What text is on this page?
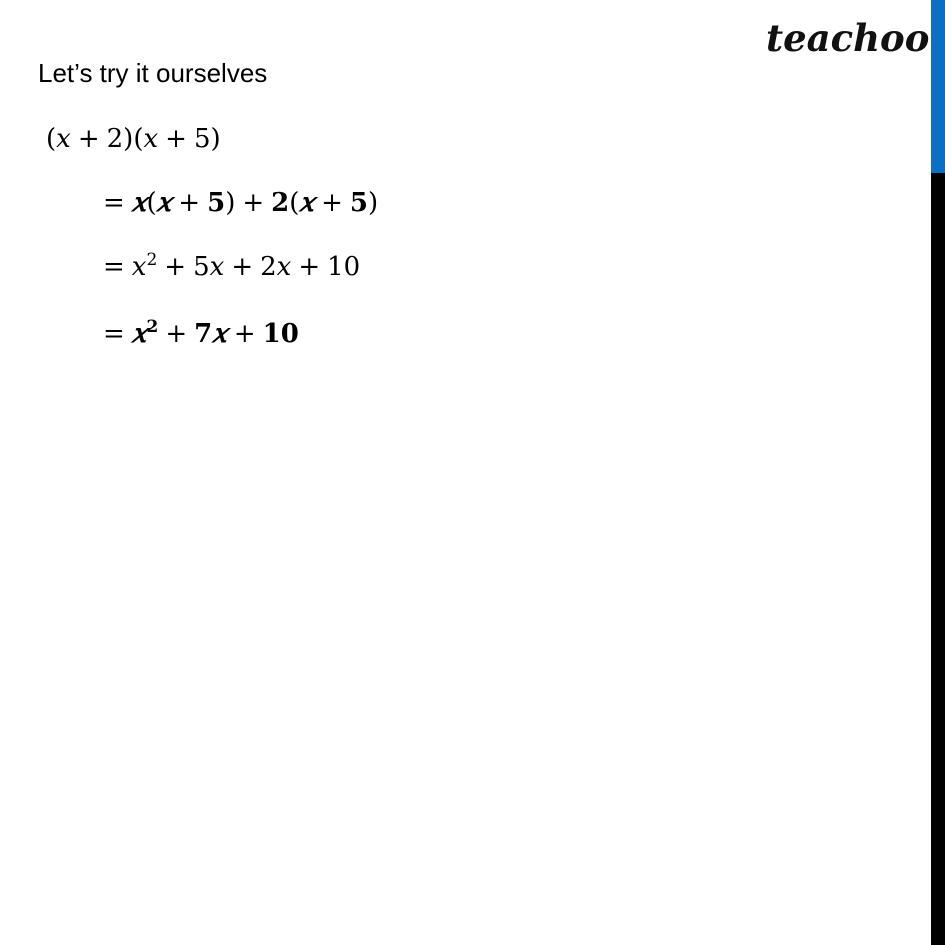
teachoo
Let’s try it ourselves
(𝑥 + 2)(𝑥 + 5)
= 𝑥(𝑥 + 5) + 2(𝑥 + 5)
= 𝑥$^2$ + 5𝑥 + 2𝑥 + 10
= 𝑥$^2$ + 7𝑥 + 10
